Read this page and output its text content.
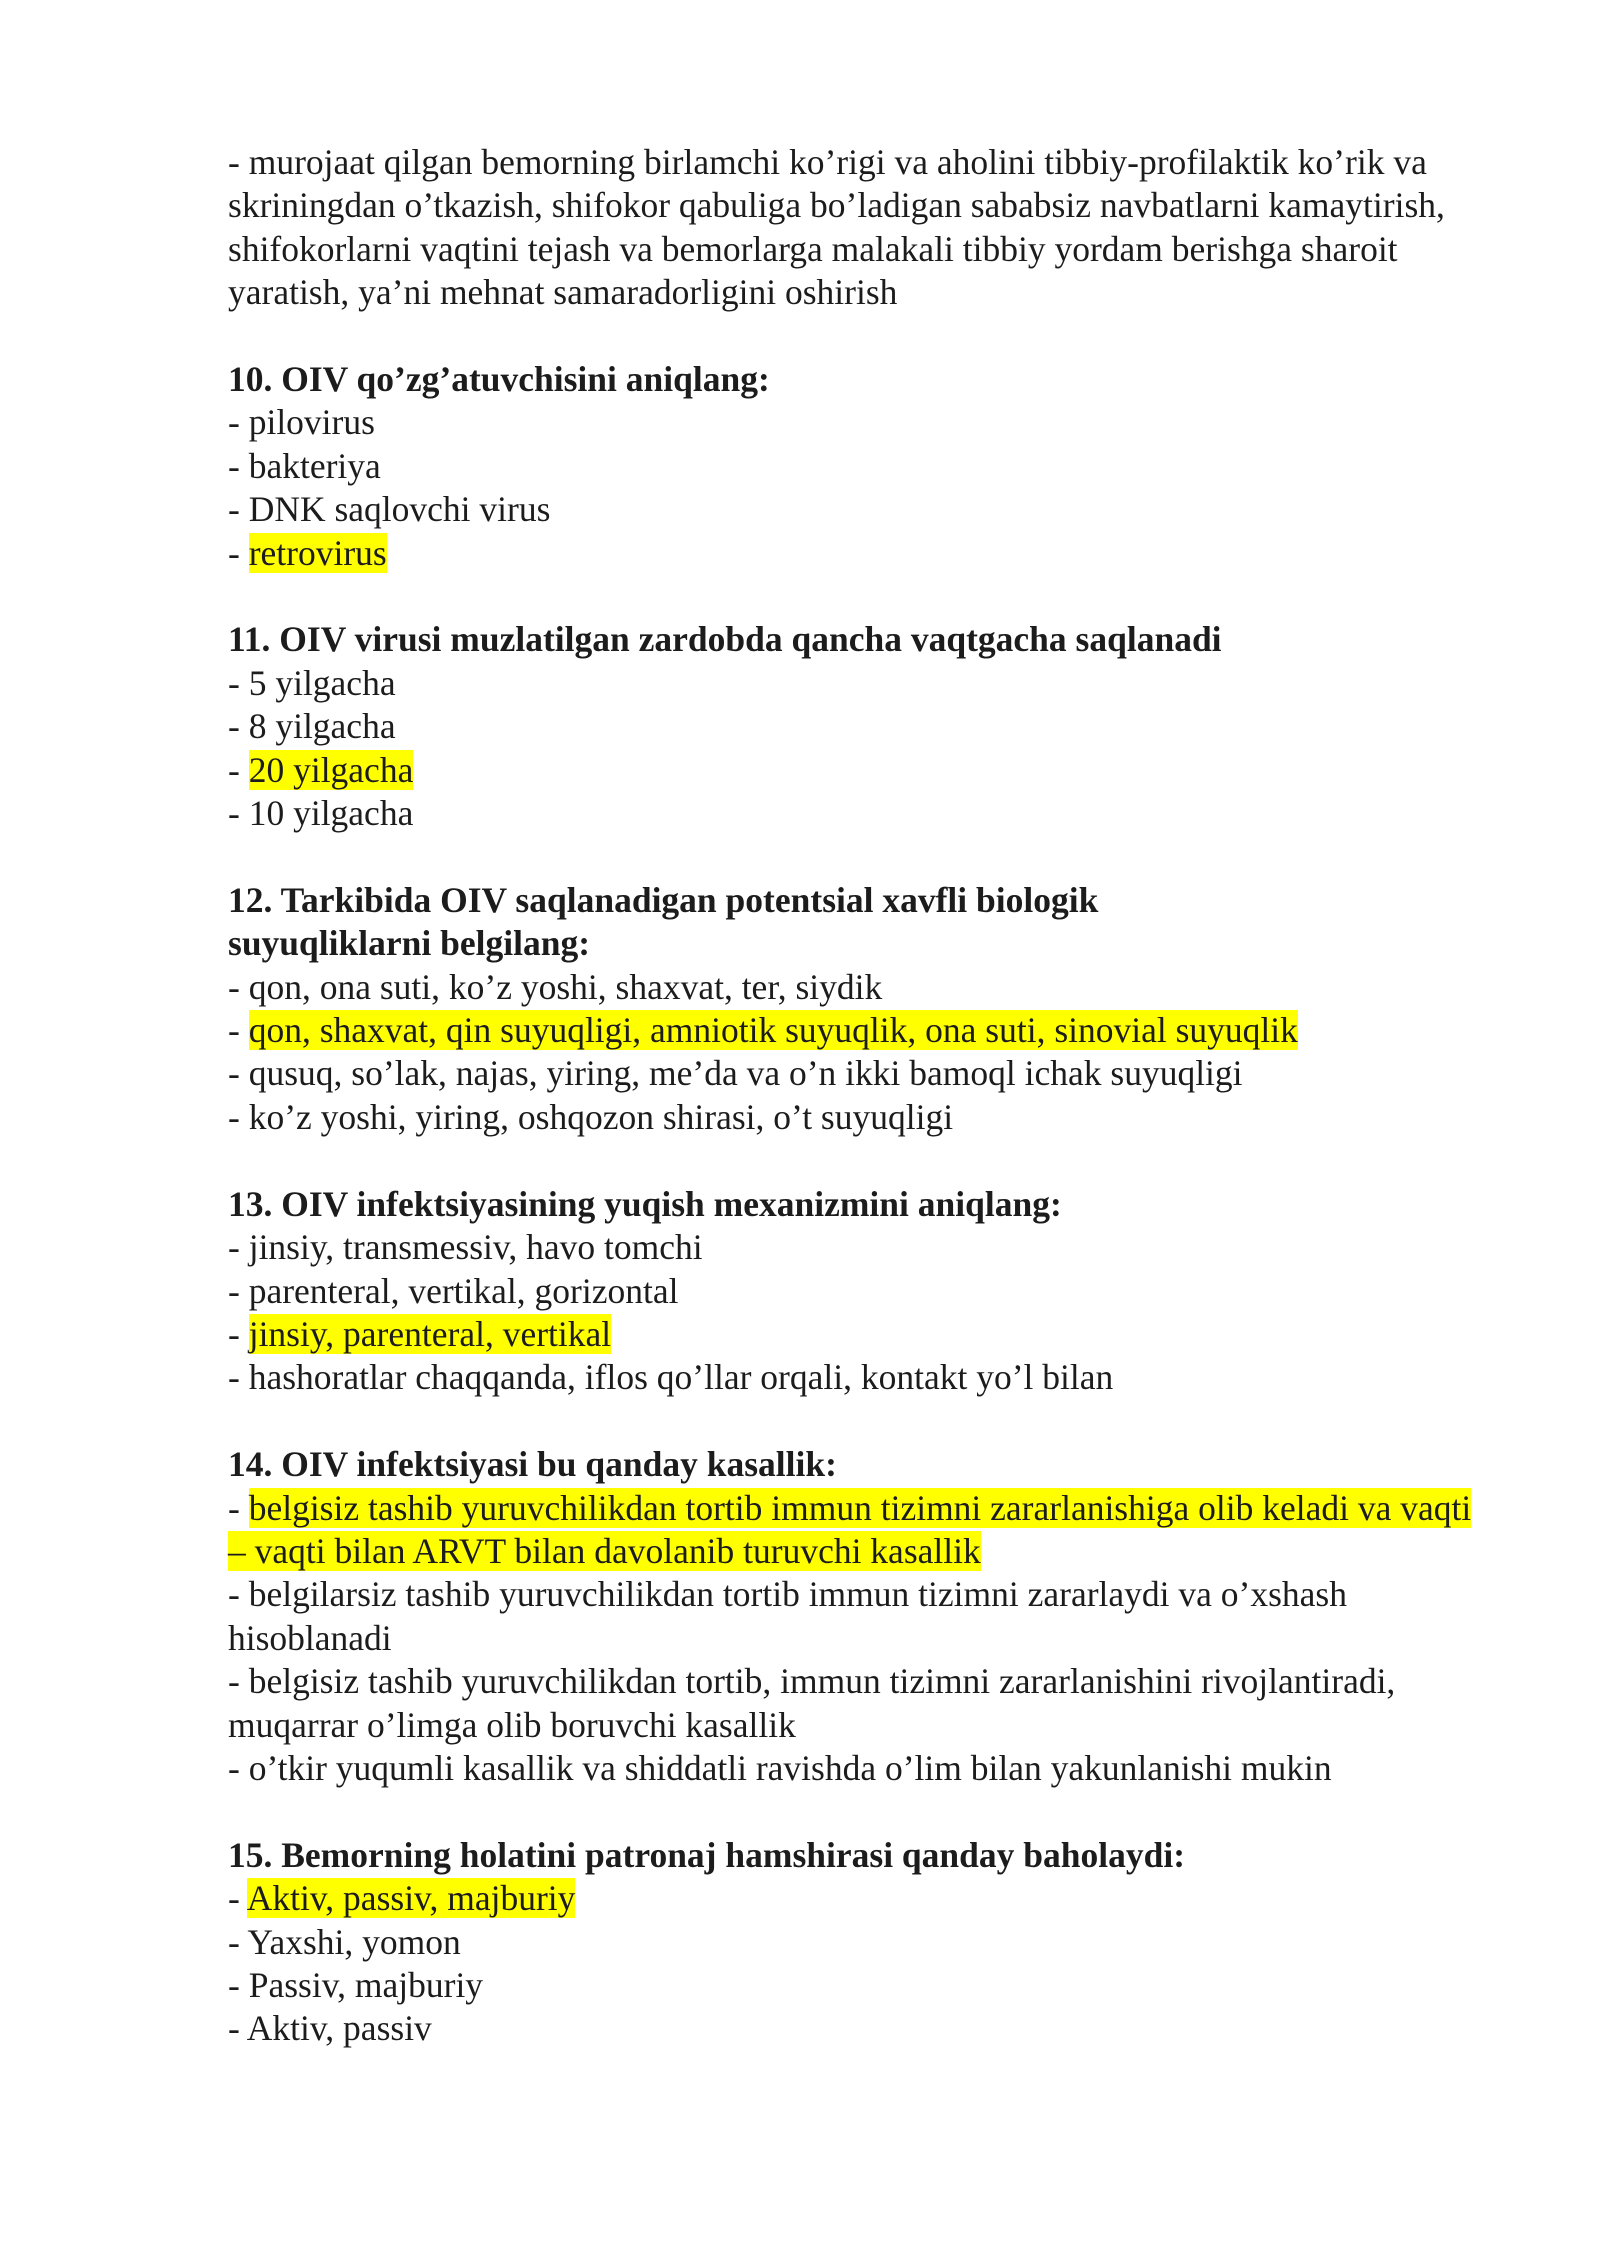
- murojaat qilgan bemorning birlamchi ko’rigi va aholini tibbiy-profilaktik ko’rik va skriningdan o’tkazish, shifokor qabuliga bo’ladigan sababsiz navbatlarni kamaytirish, shifokorlarni vaqtini tejash va bemorlarga malakali tibbiy yordam berishga sharoit yaratish, ya’ni mehnat samaradorligini oshirish

10. OIV qo’zg’atuvchisini aniqlang:

- pilovirus

- bakteriya

- DNK saqlovchi virus

- retrovirus

11. OIV virusi muzlatilgan zardobda qancha vaqtgacha saqlanadi

- 5 yilgacha

- 8 yilgacha

- 20 yilgacha

- 10 yilgacha

12. Tarkibida OIV saqlanadigan potentsial xavfli biologik

suyuqliklarni belgilang:

- qon, ona suti, ko’z yoshi, shaxvat, ter, siydik

- qon, shaxvat, qin suyuqligi, amniotik suyuqlik, ona suti, sinovial suyuqlik

- qusuq, so’lak, najas, yiring, me’da va o’n ikki bamoql ichak suyuqligi

- ko’z yoshi, yiring, oshqozon shirasi, o’t suyuqligi

13. OIV infektsiyasining yuqish mexanizmini aniqlang:

- jinsiy, transmessiv, havo tomchi

- parenteral, vertikal, gorizontal

- jinsiy, parenteral, vertikal

- hashoratlar chaqqanda, iflos qo’llar orqali, kontakt yo’l bilan

14. OIV infektsiyasi bu qanday kasallik:

- belgisiz tashib yuruvchilikdan tortib immun tizimni zararlanishiga olib keladi va vaqti – vaqti bilan ARVT bilan davolanib turuvchi kasallik

- belgilarsiz tashib yuruvchilikdan tortib immun tizimni zararlaydi va o’xshash hisoblanadi

- belgisiz tashib yuruvchilikdan tortib, immun tizimni zararlanishini rivojlantiradi, muqarrar o’limga olib boruvchi kasallik

- o’tkir yuqumli kasallik va shiddatli ravishda o’lim bilan yakunlanishi mukin

15. Bemorning holatini patronaj hamshirasi qanday baholaydi:

- Aktiv, passiv, majburiy

- Yaxshi, yomon

- Passiv, majburiy

- Aktiv, passiv
